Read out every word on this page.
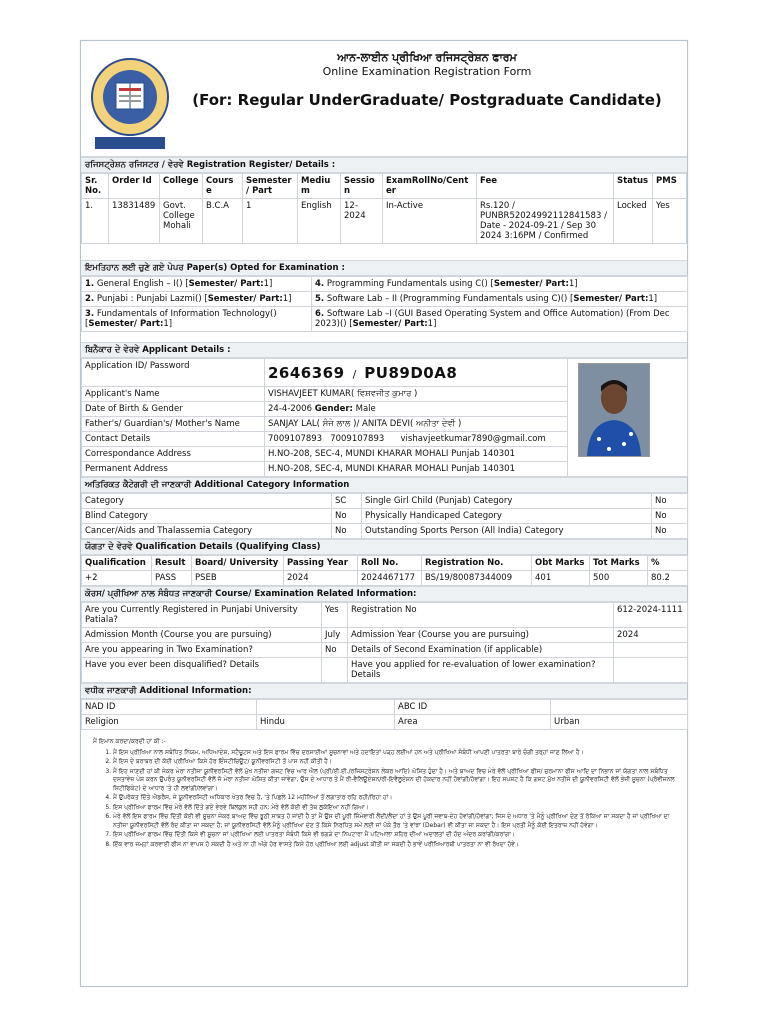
ਆਨ-ਲਾਈਨ ਪ੍ਰੀਖਿਆ ਰਜਿਸਟ੍ਰੇਸ਼ਨ ਫਾਰਮ
Online Examination Registration Form
(For: Regular UnderGraduate/ Postgraduate Candidate)
ਰਜਿਸਟ੍ਰੇਸ਼ਨ ਰਜਿਸਟਰ / ਵੇਰਵੇ Registration Register/ Details :
Sr. No.	Order Id	College	Course	Semester/ Part	Medium	Session	ExamRollNo/Center	Fee	Status	PMS
1.	13831489	Govt. College Mohali	B.C.A	1	English	12-2024	In-Active	Rs.120 / PUNBR52024992112841583 / Date - 2024-09-21 / Sep 30 2024 3:16PM / Confirmed	Locked	Yes
ਇਮਤਿਹਾਨ ਲਈ ਚੁਣੇ ਗਏ ਪੇਪਰ Paper(s) Opted for Examination :
1. General English – I() [Semester/ Part:1]	4. Programming Fundamentals using C() [Semester/ Part:1]
2. Punjabi : Punjabi Lazmi() [Semester/ Part:1]	5. Software Lab – II (Programming Fundamentals using C)() [Semester/ Part:1]
3. Fundamentals of Information Technology() [Semester/ Part:1]	6. Software Lab –I (GUI Based Operating System and Office Automation) (From Dec 2023)() [Semester/ Part:1]
ਬਿਨੈਕਾਰ ਦੇ ਵੇਰਵੇ Applicant Details :
Application ID/ Password	2646369 / PU89D0A8	
Applicant's Name	VISHAVJEET KUMAR( ਵਿਸ਼ਵਜੀਤ ਕੁਮਾਰ )	
Date of Birth & Gender	24-4-2006 Gender: Male	
Father's/ Guardian's/ Mother's Name	SANJAY LAL( ਸੰਜੇ ਲਾਲ )/ ANITA DEVI( ਅਨੀਤਾ ਦੇਵੀ )	
Contact Details	7009107893 7009107893 vishavjeetkumar7890@gmail.com	
Correspondance Address	H.NO-208, SEC-4, MUNDI KHARAR MOHALI Punjab 140301	
Permanent Address	H.NO-208, SEC-4, MUNDI KHARAR MOHALI Punjab 140301	
ਅਤਿਰਿਕਤ ਕੈਟੇਗਰੀ ਦੀ ਜਾਣਕਾਰੀ Additional Category Information
Category	SC	Single Girl Child (Punjab) Category	No
Blind Category	No	Physically Handicaped Category	No
Cancer/Aids and Thalassemia Category	No	Outstanding Sports Person (All India) Category	No
ਯੋਗਤਾ ਦੇ ਵੇਰਵੇ Qualification Details (Qualifying Class)
Qualification	Result	Board/ University	Passing Year	Roll No.	Registration No.	Obt Marks	Tot Marks	%
+2	PASS	PSEB	2024	2024467177	BS/19/80087344009	401	500	80.2
ਕੋਰਸ/ ਪ੍ਰੀਖਿਆ ਨਾਲ ਸੰਬੰਧਤ ਜਾਣਕਾਰੀ Course/ Examination Related Information:
Are you Currently Registered in Punjabi University Patiala?	Yes	Registration No	612-2024-1111
Admission Month (Course you are pursuing)	July	Admission Year (Course you are pursuing)	2024
Are you appearing in Two Examination?	No	Details of Second Examination (if applicable)	
Have you ever been disqualified? Details		Have you applied for re-evaluation of lower examination? Details	
ਵਧੀਕ ਜਾਣਕਾਰੀ Additional Information:
NAD ID		ABC ID	
Religion	Hindu	Area	Urban
ਮੈਂ ਇਮਾਨ ਕਰਦਾ/ਕਰਦੀ ਹਾਂ ਕੀ :-
1. ਮੈਂ ਇਸ ਪ੍ਰੀਖਿਆ ਨਾਲ ਸਬੰਧਿਤ ਨਿਯਮ, ਅਧਿਆਦੇਸ਼, ਸਟੈਚੂਟਸ ਅਤੇ ਇਸ ਫਾਰਮ ਵਿੱਚ ਦਰਸਾਈਆਂ ਸੂਚਨਾਵਾਂ ਅਤੇ ਹਦਾਇਤਾਂ ਪੜ੍ਹ ਲਈਆਂ ਹਨ ਅਤੇ ਪ੍ਰੀਖਿਆ ਸੰਬੰਧੀ ਆਪਣੀ ਪਾਤਰਤਾ ਬਾਰੇ ਚੰਗੀ ਤਰ੍ਹਾਂ ਜਾਣ ਲਿਆ ਹੈ।
2. ਮੈਂ ਇਸ ਦੇ ਬਰਾਬਰ ਦੀ ਕੋਈ ਪ੍ਰੀਖਿਆ ਕਿਸੇ ਹੋਰ ਇੰਸਟੀਚਿਊਟ/ ਯੂਨੀਵਰਸਿਟੀ ਤੋਂ ਪਾਸ ਨਹੀਂ ਕੀਤੀ ਹੈ।
3. ਮੈਂ ਇਹ ਜਾਣਦੀ ਹਾਂ ਕੀ ਜੇਕਰ ਮੇਰਾ ਨਤੀਜਾ ਯੂਨੀਵਰਸਿਟੀ ਵੱਲੋਂ ਮੁੱਖ ਨਤੀਜਾ ਗਜ਼ਟ ਵਿਚ ਆਰ ਐਲ (ਪ੍ਰੀ/ਈ.ਈ./ਰਜਿਸਟ੍ਰੇਸ਼ਨ ਲੇਕਰ ਆਦਿ) ਘੋਸ਼ਿਤ ਹੁੰਦਾ ਹੈ। ਅਤੇ ਬਾਅਦ ਵਿਚ ਮੇਰੇ ਵੱਲੋਂ ਪ੍ਰੀਖਿਆ ਫੀਸ/ ਜੁਰਮਾਨਾ ਫੀਸ ਆਦਿ ਦਾ ਨਿਭਾਨ ਜਾਂ ਯੋਗਤਾ ਨਾਲ ਸਬੰਧਿਤ ਦਸਤਾਵੇਜ਼ ਪੇਸ਼ ਕਰਨ ਉਪਰੰਤ ਯੂਨੀਵਰਸਿਟੀ ਵੱਲੋਂ ਜੋ ਮੇਰਾ ਨਤੀਜਾ ਘੋਸ਼ਿਤ ਕੀਤਾ ਜਾਵੇਗਾ, ਉਸ ਦੇ ਆਧਾਰ ਤੇ ਮੈਂ ਰੀ-ਵੈਲਿਊਏਸ਼ਨ/ਰੀ-ਇਵੈਲੂਏਸ਼ਨ ਦੀ ਹੱਕਦਾਰ ਨਹੀਂ ਹੋਵਾਂਗੀ/ਹੋਵਾਂਗਾ। ਇਹ ਸਪਸ਼ਟ ਹੈ ਕਿ ਗਜ਼ਟ ਮੁੱਖ ਨਤੀਜੇ ਦੀ ਯੂਨੀਵਰਸਿਟੀ ਵੱਲੋਂ ਭੇਜੀ ਸੂਚਨਾ (ਪ੍ਰੋਵੀਜ਼ਨਲ ਸਿਟੀਫਿਕੇਟ) ਦੇ ਆਧਾਰ 'ਤੇ ਹੀ ਲਵਾਂਗੀ/ਲਵਾਂਗਾ।
4. ਮੈਂ ਉਪਰੋਕਤ ਦਿੱਤੇ ਐਡਰੈਸ, ਜੇ ਯੂਨੀਵਰਸਿਟੀ ਅਧਿਕਾਰ ਖੇਤਰ ਵਿਚ ਹੈ, 'ਤੇ ਪਿਛਲੇ 12 ਮਹੀਨਿਆਂ ਤੋਂ ਲਗਾਤਾਰ ਰਹਿ ਰਹੀ/ਰਿਹਾ ਹਾਂ।
5. ਇਸ ਪ੍ਰੀਖਿਆ ਫਾਰਮ ਵਿੱਚ ਮੇਰੇ ਵੱਲੋਂ ਦਿੱਤੇ ਗਏ ਵੇਰਵੇ ਬਿਲਕੁਲ ਸਹੀ ਹਨ; ਮੇਰੇ ਵੱਲੋਂ ਕੋਈ ਵੀ ਤੱਥ ਲੁਕੋਇਆ ਨਹੀਂ ਗਿਆ।
6. ਮੇਰੇ ਵੱਲੋਂ ਇਸ ਫਾਰਮ ਵਿੱਚ ਦਿੱਤੀ ਕੋਈ ਵੀ ਸੂਚਨਾ ਜੇਕਰ ਬਾਅਦ ਵਿੱਚ ਝੂਠੀ ਸਾਬਤ ਹੋ ਜਾਂਦੀ ਹੈ ਤਾਂ ਮੈਂ ਉਸ ਦੀ ਪੂਰੀ ਜਿੰਮੇਵਾਰੀ ਲੈਂਦੀ/ਲੈਂਦਾ ਹਾਂ ਤੇ ਉਸ ਪੂਰੀ ਜਵਾਬ-ਦੇਹ ਹੋਵਾਂਗੀ/ਹੋਵਾਂਗਾ; ਜਿਸ ਦੇ ਅਧਾਰ 'ਤੇ ਮੈਨੂੰ ਪ੍ਰੀਖਿਆ ਦੇਣ ਤੋਂ ਰੋਕਿਆ ਜਾ ਸਕਦਾ ਹੈ ਜਾਂ ਪ੍ਰੀਖਿਆ ਦਾ ਨਤੀਜਾ ਯੂਨੀਵਰਸਿਟੀ ਵੱਲੋਂ ਰੱਦ ਕੀਤਾ ਜਾ ਸਕਦਾ ਹੈ; ਜਾਂ ਯੂਨੀਵਰਸਿਟੀ ਵੱਲੋਂ ਮੈਨੂੰ ਪ੍ਰੀਖਿਆ ਦੇਣ ਤੋਂ ਕਿਸੇ ਨਿਰਧਿਤ ਸਮੇਂ ਲਈ ਜਾਂ ਪੱਕੇ ਤੌਰ 'ਤੇ ਵਾਂਝਾ (Debar) ਵੀ ਕੀਤਾ ਜਾ ਸਕਦਾ ਹੈ। ਇਸ ਪ੍ਰਤੀ ਮੈਨੂੰ ਕੋਈ ਇਤਰਾਜ਼ ਨਹੀਂ ਹੋਵੇਗਾ।
7. ਇਸ ਪ੍ਰੀਖਿਆ ਫਾਰਮ ਵਿੱਚ ਦਿੱਤੀ ਕਿਸੇ ਵੀ ਸੂਚਨਾ ਜਾਂ ਪ੍ਰੀਖਿਆ ਲਈ ਪਾਤਰਤਾ ਸੰਬੰਧੀ ਕਿਸੇ ਵੀ ਝਗੜੇ ਦਾ ਨਿਪਟਾਰਾ ਮੈਂ ਪਟਿਆਲਾ ਸ਼ਹਿਰ ਦੀਆਂ ਅਦਾਲਤਾਂ ਦੀ ਹੱਦ ਅੰਦਰ ਕਰਾਂਗੀ/ਕਰਾਂਗਾ।
8. ਇੱਕ ਵਾਰ ਜਮ੍ਹਾਂ ਕਰਵਾਈ ਫੀਸ ਨਾ ਵਾਪਸ ਹੋ ਸਕਦੀ ਹੈ ਅਤੇ ਨਾ ਹੀ ਅੱਗੇ ਹੋਰ ਵਾਸਤੇ ਕਿਸੇ ਹੋਰ ਪ੍ਰੀਖਿਆ ਲਈ adjust ਕੀਤੀ ਜਾ ਸਕਦੀ ਹੈ ਭਾਵੇਂ ਪਰੀਖਿਆਰਥੀ ਪਾਤਰਤਾ ਨਾ ਵੀ ਰੱਖਦਾ ਹੋਵੇ।
